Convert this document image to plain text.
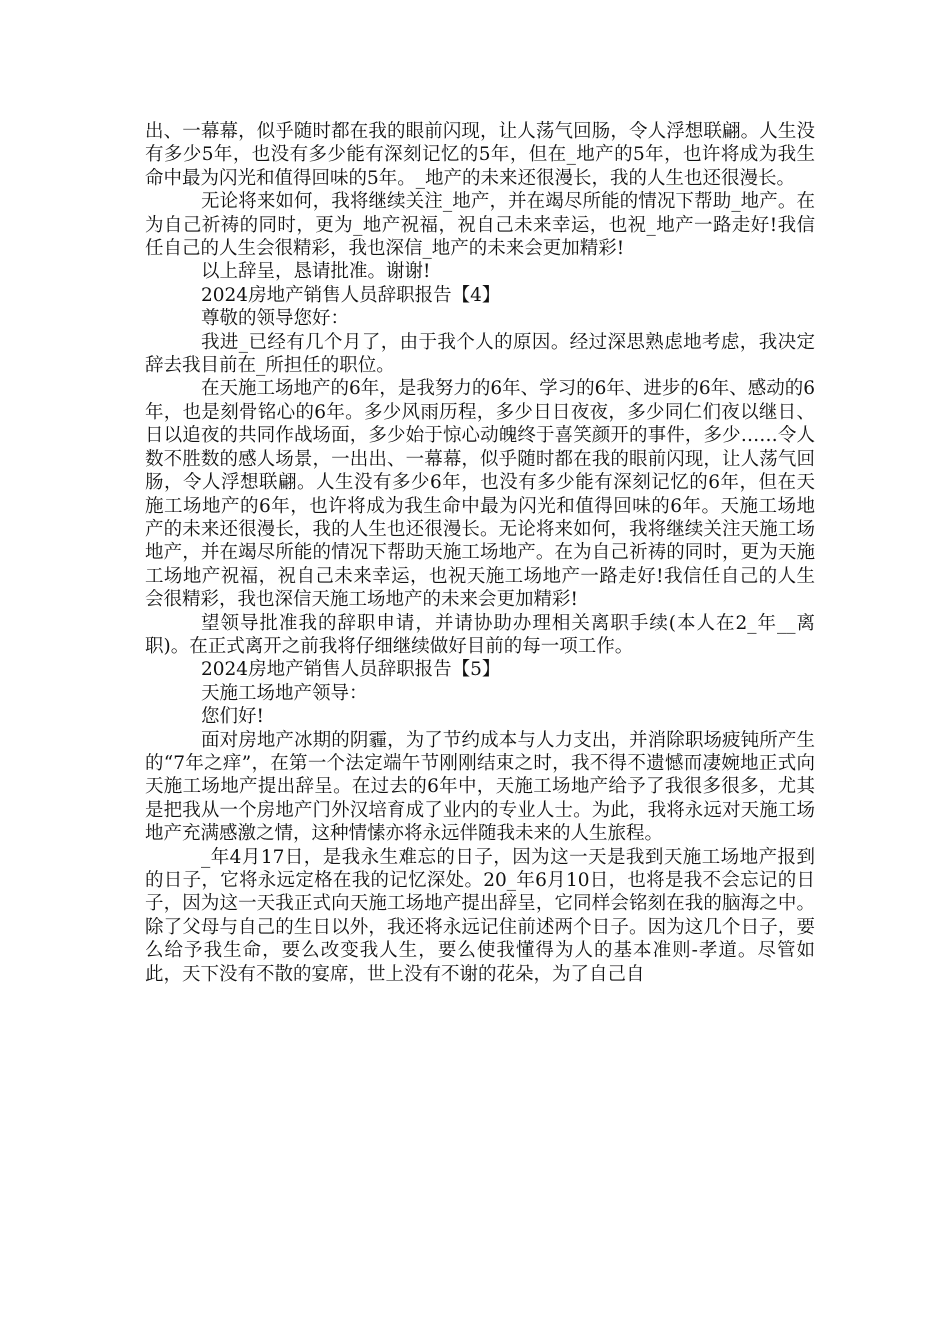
出、一幕幕，似乎随时都在我的眼前闪现，让人荡气回肠，令人浮想联翩。人生没有多少5年，也没有多少能有深刻记忆的5年，但在_地产的5年，也许将成为我生命中最为闪光和值得回味的5年。_地产的未来还很漫长，我的人生也还很漫长。

无论将来如何，我将继续关注_地产，并在竭尽所能的情况下帮助_地产。在为自己祈祷的同时，更为_地产祝福，祝自己未来幸运，也祝_地产一路走好!我信任自己的人生会很精彩，我也深信_地产的未来会更加精彩!

以上辞呈，恳请批准。谢谢!

2024房地产销售人员辞职报告【4】

尊敬的领导您好：

我进_已经有几个月了，由于我个人的原因。经过深思熟虑地考虑，我决定辞去我目前在_所担任的职位。

在天施工场地产的6年，是我努力的6年、学习的6年、进步的6年、感动的6年，也是刻骨铭心的6年。多少风雨历程，多少日日夜夜，多少同仁们夜以继日、日以追夜的共同作战场面，多少始于惊心动魄终于喜笑颜开的事件，多少……令人数不胜数的感人场景，一出出、一幕幕，似乎随时都在我的眼前闪现，让人荡气回肠，令人浮想联翩。人生没有多少6年，也没有多少能有深刻记忆的6年，但在天施工场地产的6年，也许将成为我生命中最为闪光和值得回味的6年。天施工场地产的未来还很漫长，我的人生也还很漫长。无论将来如何，我将继续关注天施工场地产，并在竭尽所能的情况下帮助天施工场地产。在为自己祈祷的同时，更为天施工场地产祝福，祝自己未来幸运，也祝天施工场地产一路走好!我信任自己的人生会很精彩，我也深信天施工场地产的未来会更加精彩!

望领导批准我的辞职申请，并请协助办理相关离职手续(本人在2_年__离职)。在正式离开之前我将仔细继续做好目前的每一项工作。

2024房地产销售人员辞职报告【5】

天施工场地产领导：

您们好!

面对房地产冰期的阴霾，为了节约成本与人力支出，并消除职场疲钝所产生的“7年之痒”，在第一个法定端午节刚刚结束之时，我不得不遗憾而凄婉地正式向天施工场地产提出辞呈。在过去的6年中，天施工场地产给予了我很多很多，尤其是把我从一个房地产门外汉培育成了业内的专业人士。为此，我将永远对天施工场地产充满感激之情，这种情愫亦将永远伴随我未来的人生旅程。

_年4月17日，是我永生难忘的日子，因为这一天是我到天施工场地产报到的日子，它将永远定格在我的记忆深处。20_年6月10日，也将是我不会忘记的日子，因为这一天我正式向天施工场地产提出辞呈，它同样会铭刻在我的脑海之中。除了父母与自己的生日以外，我还将永远记住前述两个日子。因为这几个日子，要么给予我生命，要么改变我人生，要么使我懂得为人的基本准则-孝道。尽管如此，天下没有不散的宴席，世上没有不谢的花朵，为了自己自
